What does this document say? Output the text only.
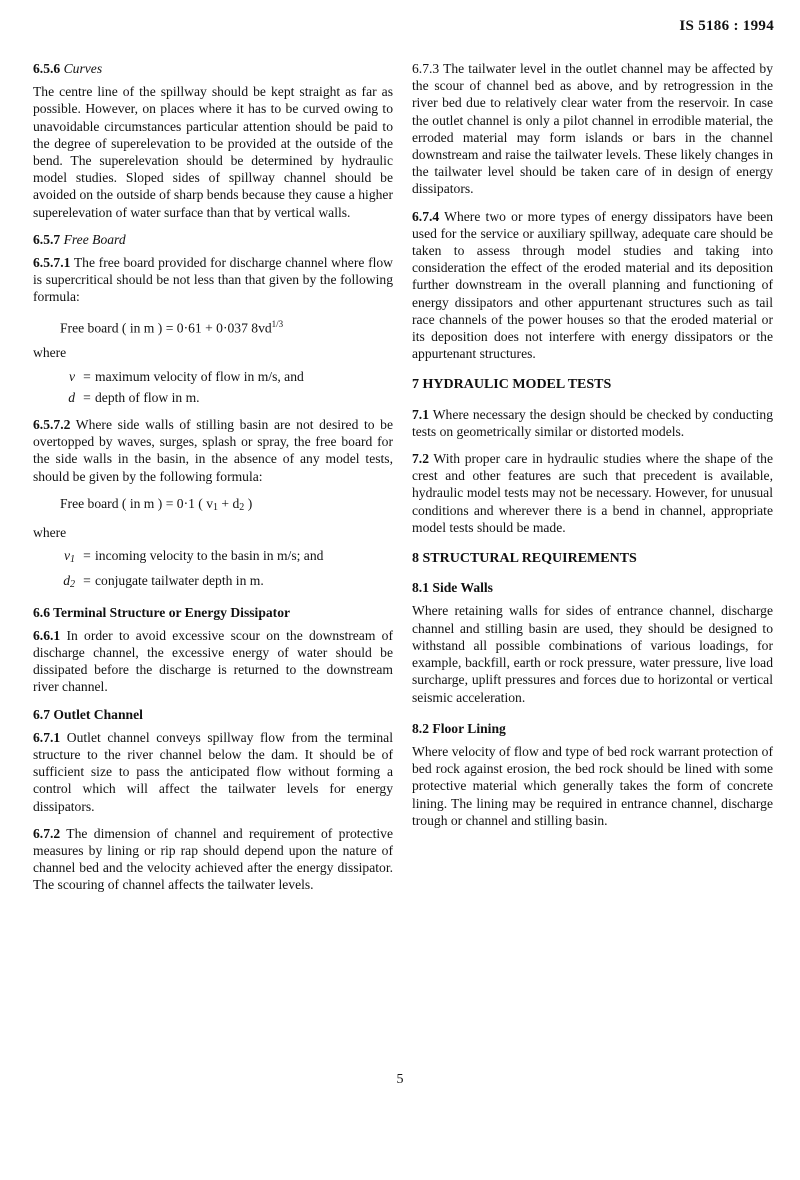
IS 5186 : 1994
6.5.6 Curves

The centre line of the spillway should be kept straight as far as possible. However, on places where it has to be curved owing to unavoidable circumstances particular attention should be paid to the degree of superelevation to be provided at the outside of the bend. The superelevation should be determined by hydraulic model studies. Sloped sides of spillway channel should be avoided on the outside of sharp bends because they cause a higher superelevation of water surface than that by vertical walls.

6.5.7 Free Board

6.5.7.1 The free board provided for discharge channel where flow is supercritical should be not less than that given by the following formula:

Free board ( in m ) = 0·61 + 0·037 $8vd^{1/3}$
where
v = maximum velocity of flow in m/s, and
d = depth of flow in m.

6.5.7.2 Where side walls of stilling basin are not desired to be overtopped by waves, surges, splash or spray, the free board for the side walls in the basin, in the absence of any model tests, should be given by the following formula:

Free board ( in m ) = 0·1 ( $v_1 + d_2$ )
where
$v_1$ = incoming velocity to the basin in m/s; and
$d_2$ = conjugate tailwater depth in m.
6.6 Terminal Structure or Energy Dissipator

6.6.1 In order to avoid excessive scour on the downstream of discharge channel, the excessive energy of water should be dissipated before the discharge is returned to the downstream river channel.

6.7 Outlet Channel

6.7.1 Outlet channel conveys spillway flow from the terminal structure to the river channel below the dam. It should be of sufficient size to pass the anticipated flow without forming a control which will affect the tailwater levels for energy dissipators.

6.7.2 The dimension of channel and requirement of protective measures by lining or rip rap should depend upon the nature of channel bed and the velocity achieved after the energy dissipator. The scouring of channel affects the tailwater levels.

6.7.3 The tailwater level in the outlet channel may be affected by the scour of channel bed as above, and by retrogression in the river bed due to relatively clear water from the reservoir. In case the outlet channel is only a pilot channel in errodible material, the erroded material may form islands or bars in the channel downstream and raise the tailwater levels. These likely changes in the tailwater level should be taken care of in design of energy dissipators.

6.7.4 Where two or more types of energy dissipators have been used for the service or auxiliary spillway, adequate care should be taken to assess through model studies and taking into consideration the effect of the eroded material and its deposition further downstream in the overall planning and functioning of energy dissipators and other appurtenant structures such as tail race channels of the power houses so that the eroded material or its deposition does not interfere with energy dissipators or the appurtenant structures.

7 HYDRAULIC MODEL TESTS

7.1 Where necessary the design should be checked by conducting tests on geometrically similar or distorted models.

7.2 With proper care in hydraulic studies where the shape of the crest and other features are such that precedent is available, hydraulic model tests may not be necessary. However, for unusual conditions and wherever there is a bend in channel, appropriate model tests should be made.

8 STRUCTURAL REQUIREMENTS
8.1 Side Walls

Where retaining walls for sides of entrance channel, discharge channel and stilling basin are used, they should be designed to withstand all possible combinations of various loadings, for example, backfill, earth or rock pressure, water pressure, live load surcharge, uplift pressures and forces due to horizontal or vertical seismic acceleration.

8.2 Floor Lining

Where velocity of flow and type of bed rock warrant protection of bed rock against erosion, the bed rock should be lined with some protective material which generally takes the form of concrete lining. The lining may be required in entrance channel, discharge trough or channel and stilling basin.

5
